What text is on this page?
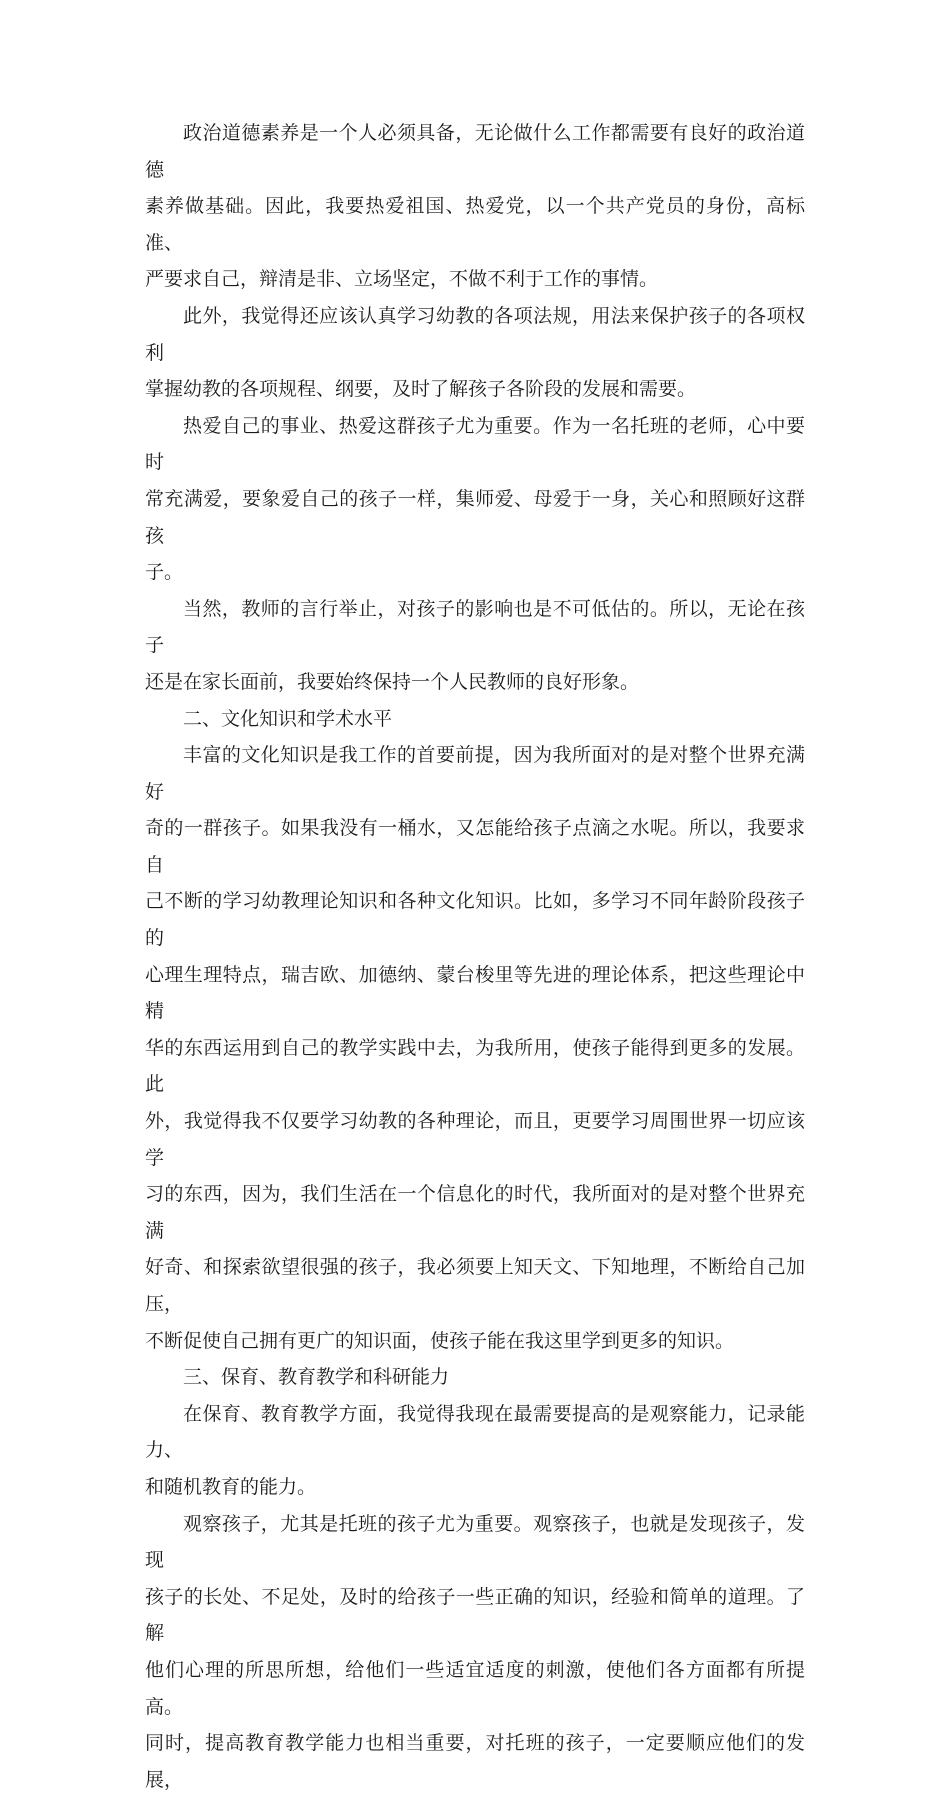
政治道德素养是一个人必须具备，无论做什么工作都需要有良好的政治道德
素养做基础。因此，我要热爱祖国、热爱党，以一个共产党员的身份，高标准、
严要求自己，辩清是非、立场坚定，不做不利于工作的事情。

此外，我觉得还应该认真学习幼教的各项法规，用法来保护孩子的各项权利
掌握幼教的各项规程、纲要，及时了解孩子各阶段的发展和需要。

热爱自己的事业、热爱这群孩子尤为重要。作为一名托班的老师，心中要时
常充满爱，要象爱自己的孩子一样，集师爱、母爱于一身，关心和照顾好这群孩
子。

当然，教师的言行举止，对孩子的影响也是不可低估的。所以，无论在孩子
还是在家长面前，我要始终保持一个人民教师的良好形象。

二、文化知识和学术水平

丰富的文化知识是我工作的首要前提，因为我所面对的是对整个世界充满好
奇的一群孩子。如果我没有一桶水，又怎能给孩子点滴之水呢。所以，我要求自
己不断的学习幼教理论知识和各种文化知识。比如，多学习不同年龄阶段孩子的
心理生理特点，瑞吉欧、加德纳、蒙台梭里等先进的理论体系，把这些理论中精
华的东西运用到自己的教学实践中去，为我所用，使孩子能得到更多的发展。此
外，我觉得我不仅要学习幼教的各种理论，而且，更要学习周围世界一切应该学
习的东西，因为，我们生活在一个信息化的时代，我所面对的是对整个世界充满
好奇、和探索欲望很强的孩子，我必须要上知天文、下知地理，不断给自己加压，
不断促使自己拥有更广的知识面，使孩子能在我这里学到更多的知识。

三、保育、教育教学和科研能力

在保育、教育教学方面，我觉得我现在最需要提高的是观察能力，记录能力、
和随机教育的能力。

观察孩子，尤其是托班的孩子尤为重要。观察孩子，也就是发现孩子，发现
孩子的长处、不足处，及时的给孩子一些正确的知识，经验和简单的道理。了解
他们心理的所思所想，给他们一些适宜适度的刺激，使他们各方面都有所提高。
同时，提高教育教学能力也相当重要，对托班的孩子，一定要顺应他们的发展，
